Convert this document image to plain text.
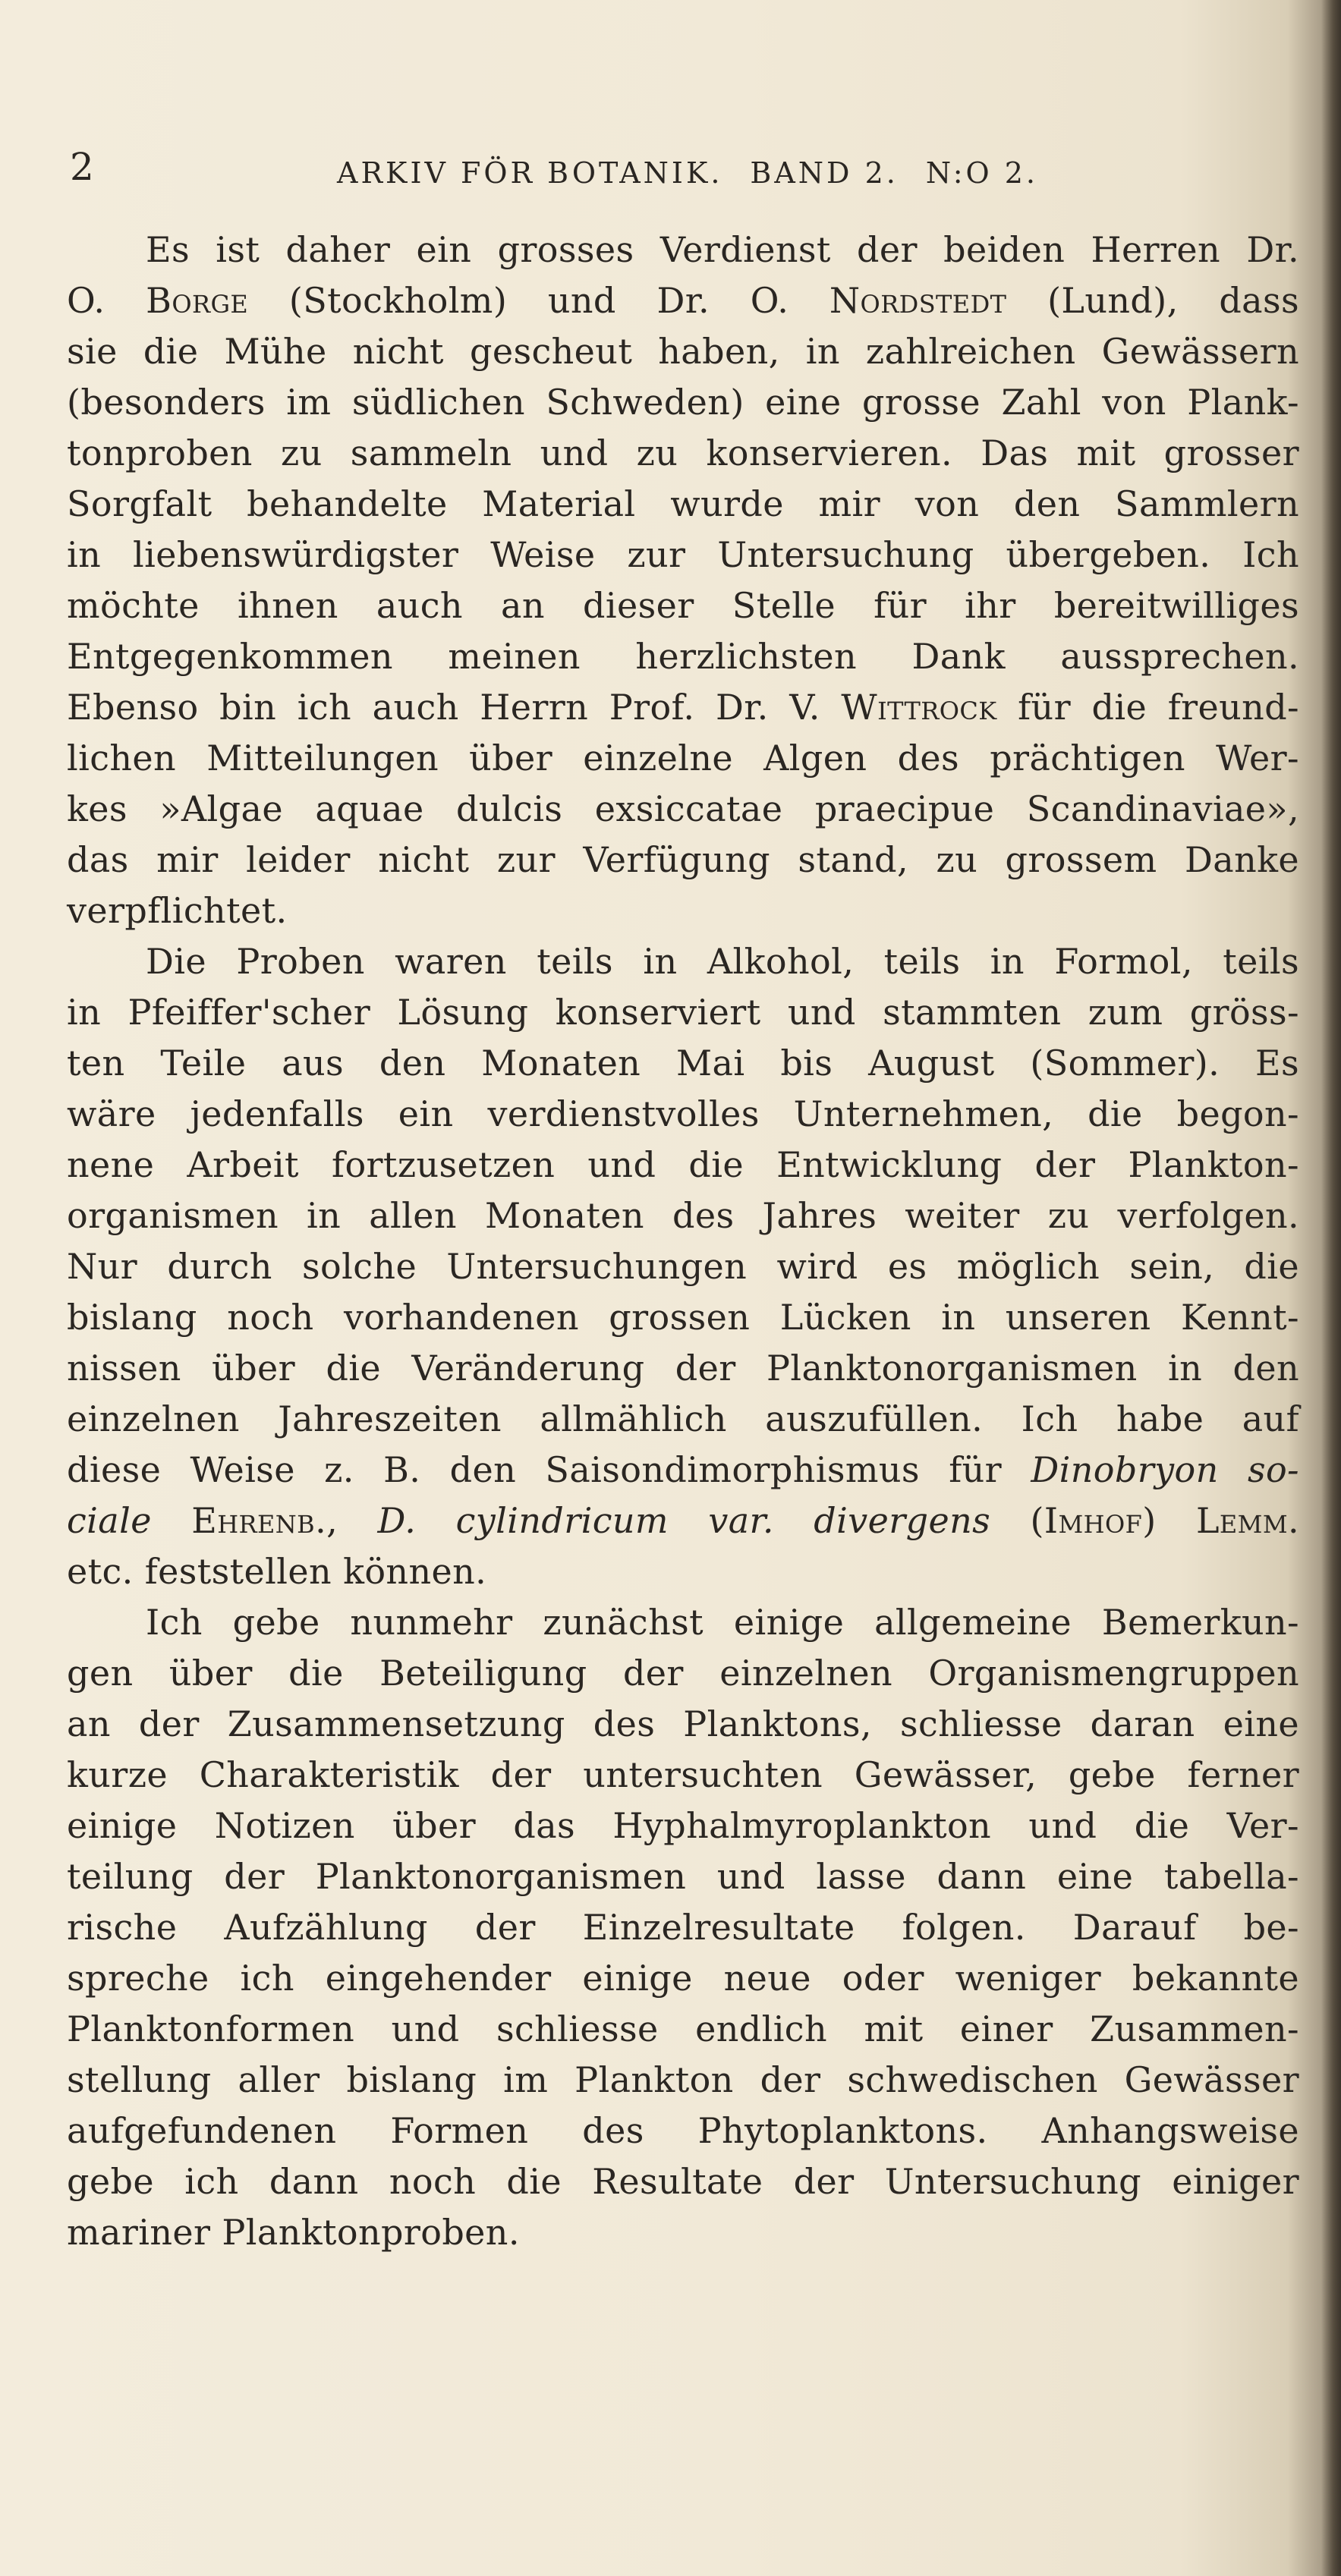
2	ARKIV FÖR BOTANIK. BAND 2. N:O 2.
Es ist daher ein grosses Verdienst der beiden Herren Dr.
O. Borge (Stockholm) und Dr. O. Nordstedt (Lund), dass
sie die Mühe nicht gescheut haben, in zahlreichen Gewässern
(besonders im südlichen Schweden) eine grosse Zahl von Plank-
tonproben zu sammeln und zu konservieren. Das mit grosser
Sorgfalt behandelte Material wurde mir von den Sammlern
in liebenswürdigster Weise zur Untersuchung übergeben. Ich
möchte ihnen auch an dieser Stelle für ihr bereitwilliges
Entgegenkommen meinen herzlichsten Dank aussprechen.
Ebenso bin ich auch Herrn Prof. Dr. V. Wittrock für die freund-
lichen Mitteilungen über einzelne Algen des prächtigen Wer-
kes »Algae aquae dulcis exsiccatae praecipue Scandinaviae»,
das mir leider nicht zur Verfügung stand, zu grossem Danke
verpflichtet.
Die Proben waren teils in Alkohol, teils in Formol, teils
in Pfeiffer'scher Lösung konserviert und stammten zum gröss-
ten Teile aus den Monaten Mai bis August (Sommer). Es
wäre jedenfalls ein verdienstvolles Unternehmen, die begon-
nene Arbeit fortzusetzen und die Entwicklung der Plankton-
organismen in allen Monaten des Jahres weiter zu verfolgen.
Nur durch solche Untersuchungen wird es möglich sein, die
bislang noch vorhandenen grossen Lücken in unseren Kennt-
nissen über die Veränderung der Planktonorganismen in den
einzelnen Jahreszeiten allmählich auszufüllen. Ich habe auf
diese Weise z. B. den Saisondimorphismus für Dinobryon so-
ciale Ehrenb., D. cylindricum var. divergens (Imhof) Lemm.
etc. feststellen können.
Ich gebe nunmehr zunächst einige allgemeine Bemerkun-
gen über die Beteiligung der einzelnen Organismengruppen
an der Zusammensetzung des Planktons, schliesse daran eine
kurze Charakteristik der untersuchten Gewässer, gebe ferner
einige Notizen über das Hyphalmyroplankton und die Ver-
teilung der Planktonorganismen und lasse dann eine tabella-
rische Aufzählung der Einzelresultate folgen. Darauf be-
spreche ich eingehender einige neue oder weniger bekannte
Planktonformen und schliesse endlich mit einer Zusammen-
stellung aller bislang im Plankton der schwedischen Gewässer
aufgefundenen Formen des Phytoplanktons. Anhangsweise
gebe ich dann noch die Resultate der Untersuchung einiger
mariner Planktonproben.
